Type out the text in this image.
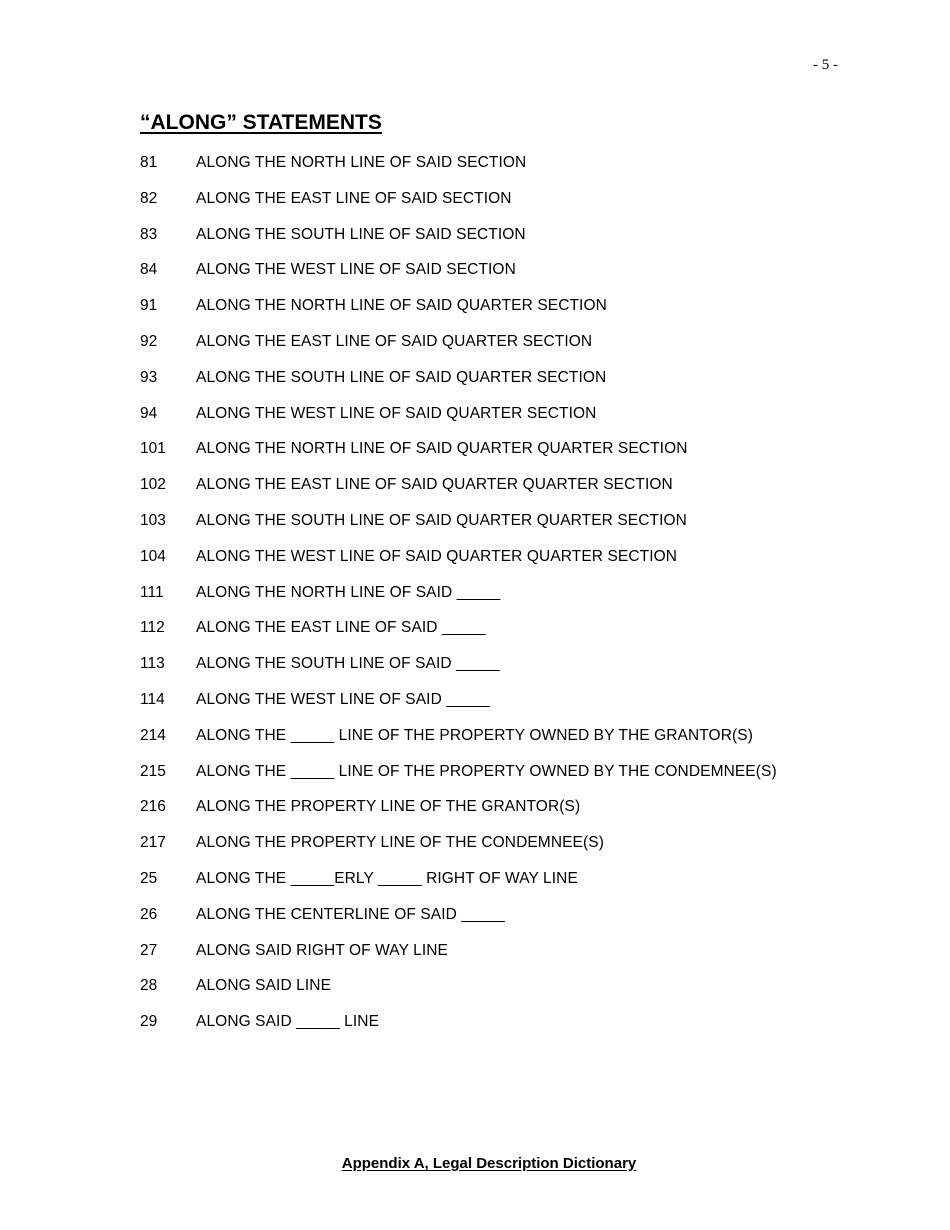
- 5 -
“ALONG” STATEMENTS
81	ALONG THE NORTH LINE OF SAID SECTION
82	ALONG THE EAST LINE OF SAID SECTION
83	ALONG THE SOUTH LINE OF SAID SECTION
84	ALONG THE WEST LINE OF SAID SECTION
91	ALONG THE NORTH LINE OF SAID QUARTER SECTION
92	ALONG THE EAST LINE OF SAID QUARTER SECTION
93	ALONG THE SOUTH LINE OF SAID QUARTER SECTION
94	ALONG THE WEST LINE OF SAID QUARTER SECTION
101	ALONG THE NORTH LINE OF SAID QUARTER QUARTER SECTION
102	ALONG THE EAST LINE OF SAID QUARTER QUARTER SECTION
103	ALONG THE SOUTH LINE OF SAID QUARTER QUARTER SECTION
104	ALONG THE WEST LINE OF SAID QUARTER QUARTER SECTION
111	ALONG THE NORTH LINE OF SAID _____
112	ALONG THE EAST LINE OF SAID _____
113	ALONG THE SOUTH LINE OF SAID _____
114	ALONG THE WEST LINE OF SAID _____
214	ALONG THE _____ LINE OF THE PROPERTY OWNED BY THE GRANTOR(S)
215	ALONG THE _____ LINE OF THE PROPERTY OWNED BY THE CONDEMNEE(S)
216	ALONG THE PROPERTY LINE OF THE GRANTOR(S)
217	ALONG THE PROPERTY LINE OF THE CONDEMNEE(S)
25	ALONG THE _____ERLY _____ RIGHT OF WAY LINE
26	ALONG THE CENTERLINE OF SAID _____
27	ALONG SAID RIGHT OF WAY LINE
28	ALONG SAID LINE
29	ALONG SAID _____ LINE
Appendix A, Legal Description Dictionary
